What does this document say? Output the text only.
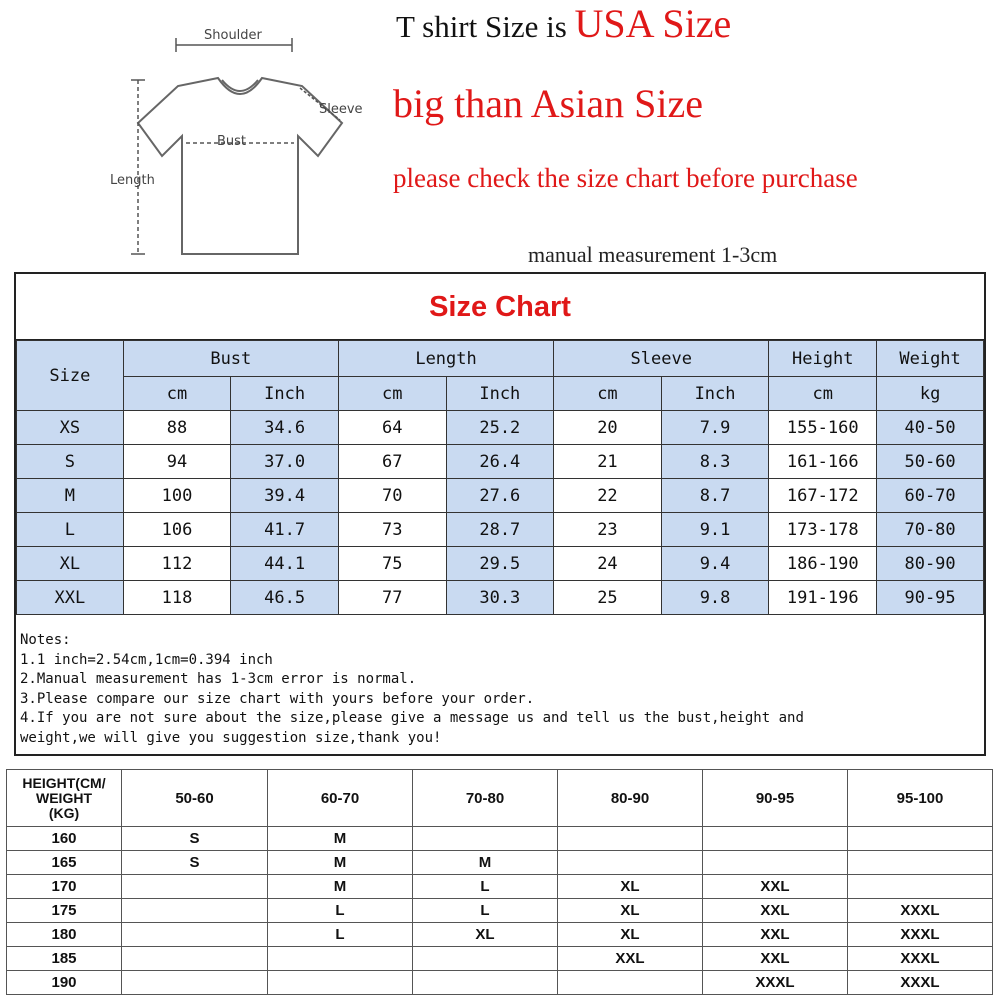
Shoulder
Sleeve
Bust
Length
T shirt Size is USA Size
big than Asian Size
please check the size chart before purchase
manual measurement 1-3cm
Size Chart
Size	Bust		Length		Sleeve		Height	Weight
	cm	Inch	cm	Inch	cm	Inch	cm	kg
XS	88	34.6	64	25.2	20	7.9	155-160	40-50
S	94	37.0	67	26.4	21	8.3	161-166	50-60
M	100	39.4	70	27.6	22	8.7	167-172	60-70
L	106	41.7	73	28.7	23	9.1	173-178	70-80
XL	112	44.1	75	29.5	24	9.4	186-190	80-90
XXL	118	46.5	77	30.3	25	9.8	191-196	90-95
Notes:
1.1 inch=2.54cm,1cm=0.394 inch
2.Manual measurement has 1-3cm error is normal.
3.Please compare our size chart with yours before your order.
4.If you are not sure about the size,please give a message us and tell us the bust,height and
weight,we will give you suggestion size,thank you!
HEIGHT(CM/
WEIGHT
(KG)	50-60	60-70	70-80	80-90	90-95	95-100
160	S	M				
165	S	M	M			
170		M	L	XL	XXL	
175		L	L	XL	XXL	XXXL
180		L	XL	XL	XXL	XXXL
185				XXL	XXL	XXXL
190					XXXL	XXXL
